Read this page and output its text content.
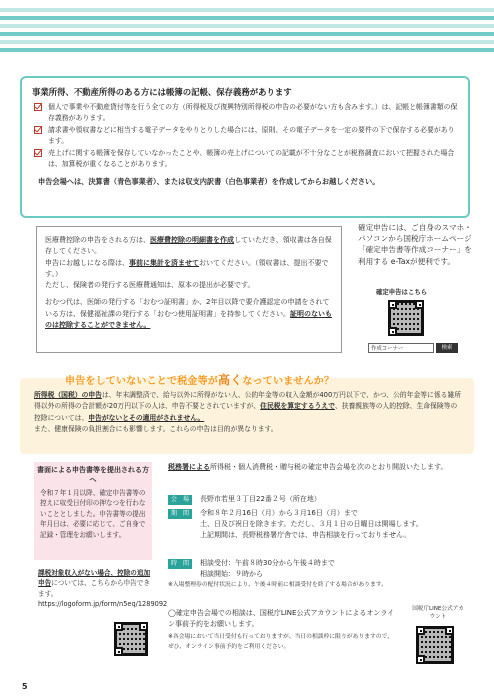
事業所得、不動産所得のある方には帳簿の記帳、保存義務があります
個人で事業や不動産貸付等を行う全ての方（所得税及び復興特別所得税の申告の必要がない方も含みます。）は、記帳と帳簿書類の保存義務があります。
請求書や領収書などに相当する電子データをやりとりした場合には、原則、その電子データを一定の要件の下で保存する必要があります。
売上げに関する帳簿を保存していなかったことや、帳簿の売上げについての記載が不十分なことが税務調査において把握された場合は、加算税が重くなることがあります。
申告会場へは、決算書（青色事業者）、または収支内訳書（白色事業者）を作成してからお越しください。

医療費控除の申告をされる方は、医療費控除の明細書を作成していただき、領収書は各自保存してください。

申告にお越しになる際は、事前に集計を済ませておいてください。（領収書は、提出不要です。）

ただし、保険者の発行する医療費通知は、原本の提出が必要です。

おむつ代は、医師の発行する「おむつ証明書」か、2年目以降で要介護認定の申請をされている方は、保健福祉課の発行する「おむつ使用証明書」を持参してください。証明のないものは控除することができません。

確定申告には、ご自身のスマホ・パソコンから国税庁ホームページ「確定申告書等作成コーナー」を利用する e-Taxが便利です。
確定申告はこちら
作成コーナー	検索
申告をしていないことで税金等が高くなっていませんか？

所得税（国税）の申告は、年末調整済で、給与以外に所得がない人、公的年金等の収入金額が400万円以下で、かつ、公的年金等に係る雑所得以外の所得の合計額が20万円以下の人は、申告不要とされていますが、住民税を算定するうえで、扶養親族等の人的控除、生命保険等の控除については、申告がないとその適用がされません。

また、健康保険の負担割合にも影響します。これらの申告は目的が異なります。

書面による申告書等を提出される方へ

令和７年１月以降、確定申告書等の控えに収受日付印の押なつを行わないこととしました。申告書等の提出年月日は、必要に応じて、ご自身で記録・管理をお願いします。

課税対象収入がない場合、控除の追加申告については、こちらから申告できます。
https://logoform.jp/form/n5eq/1289092
税務署による所得税・個人消費税・贈与税の確定申告会場を次のとおり開設いたします。
会　場 長野市若里３丁目22番２号（所在地）
期　間 令和８年２月16日（月）から３月16日（月）まで
土、日及び祝日を除きます。ただし、３月１日の日曜日は開場します。
上記期間は、長野税務署庁舎では、申告相談を行っておりません。
時　間 相談受付：午前８時30分から午後４時まで
相談開始：９時から
※入場整理券の配付状況により、午後４時前に相談受付を終了する場合があります。
◯確定申告会場での相談は、国税庁LINE公式アカウントによるオンライン事前予約をお願いします。
※各会場において当日受付も行っておりますが、当日の相談枠に限りがありますので、ぜひ、オンライン事前予約をご利用ください。
国税庁LINE公式アカウント
5
